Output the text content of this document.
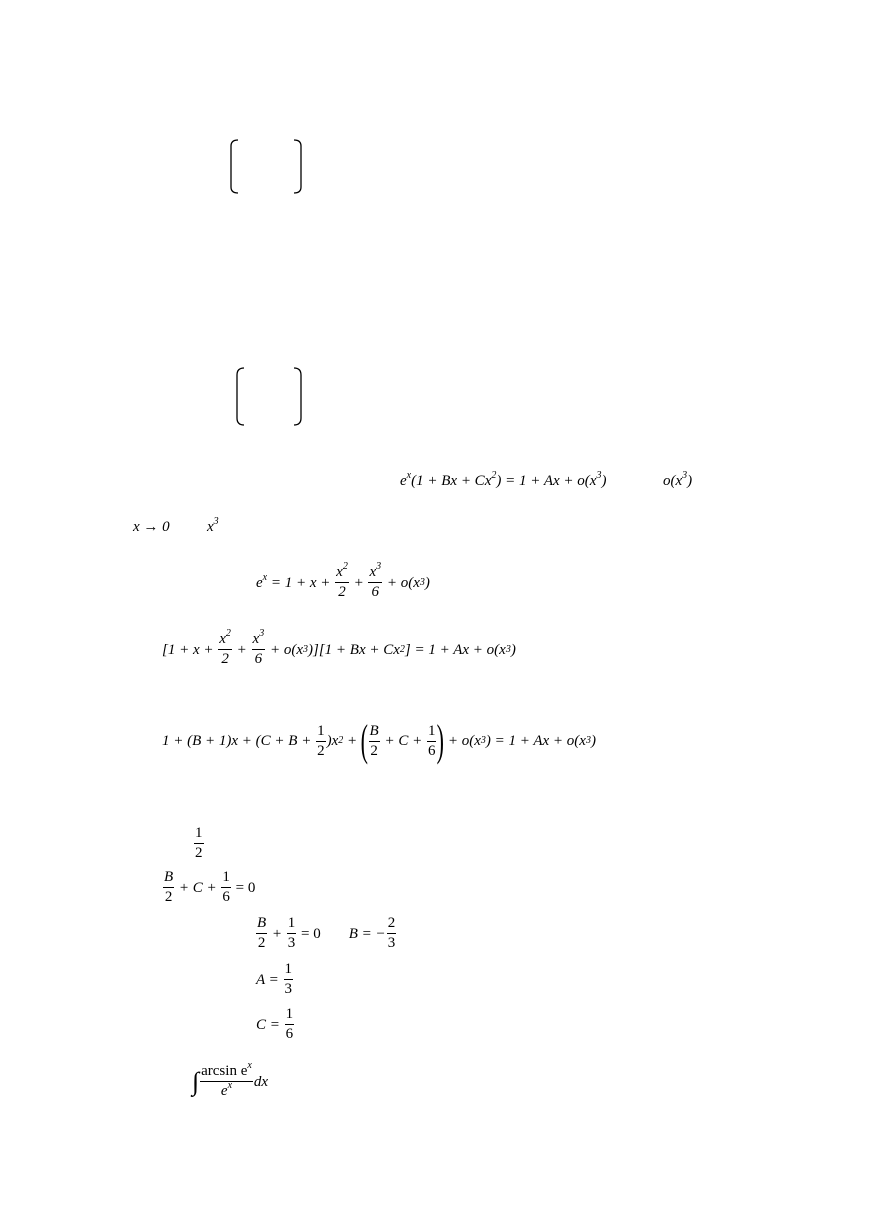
$e^x(1 + Bx + Cx^2) = 1 + Ax + o(x^3)$	$o(x^3)$
x → 0 $x^3$
$e^x = 1 + x + \frac{x^2}{2} + \frac{x^3}{6} + o(x$ 3 )
[$1 + x + \frac{x^2}{2} + \frac{x^3}{6} + o(x$ 3 )][1 + Bx + Cx 2 ] = 1 + Ax + o(x 3 )
$1 + (B + 1)x + (C + B + \frac{1}{2} )x$ 2 + ( $\frac{B}{2} + C + \frac{1}{6}$ ) + o(x 3 ) = 1 + Ax + o(x 3 )
$\frac{1}{2}$
$\frac{B}{2} + C + \frac{1}{6} = 0$
$\frac{B}{2} + \frac{1}{3} = 0$ B = − $\frac{2}{3}$
$A = \frac{1}{3}$
$C = \frac{1}{6}$
∫ $\frac{\arcsin e^x}{e^x}$ dx
